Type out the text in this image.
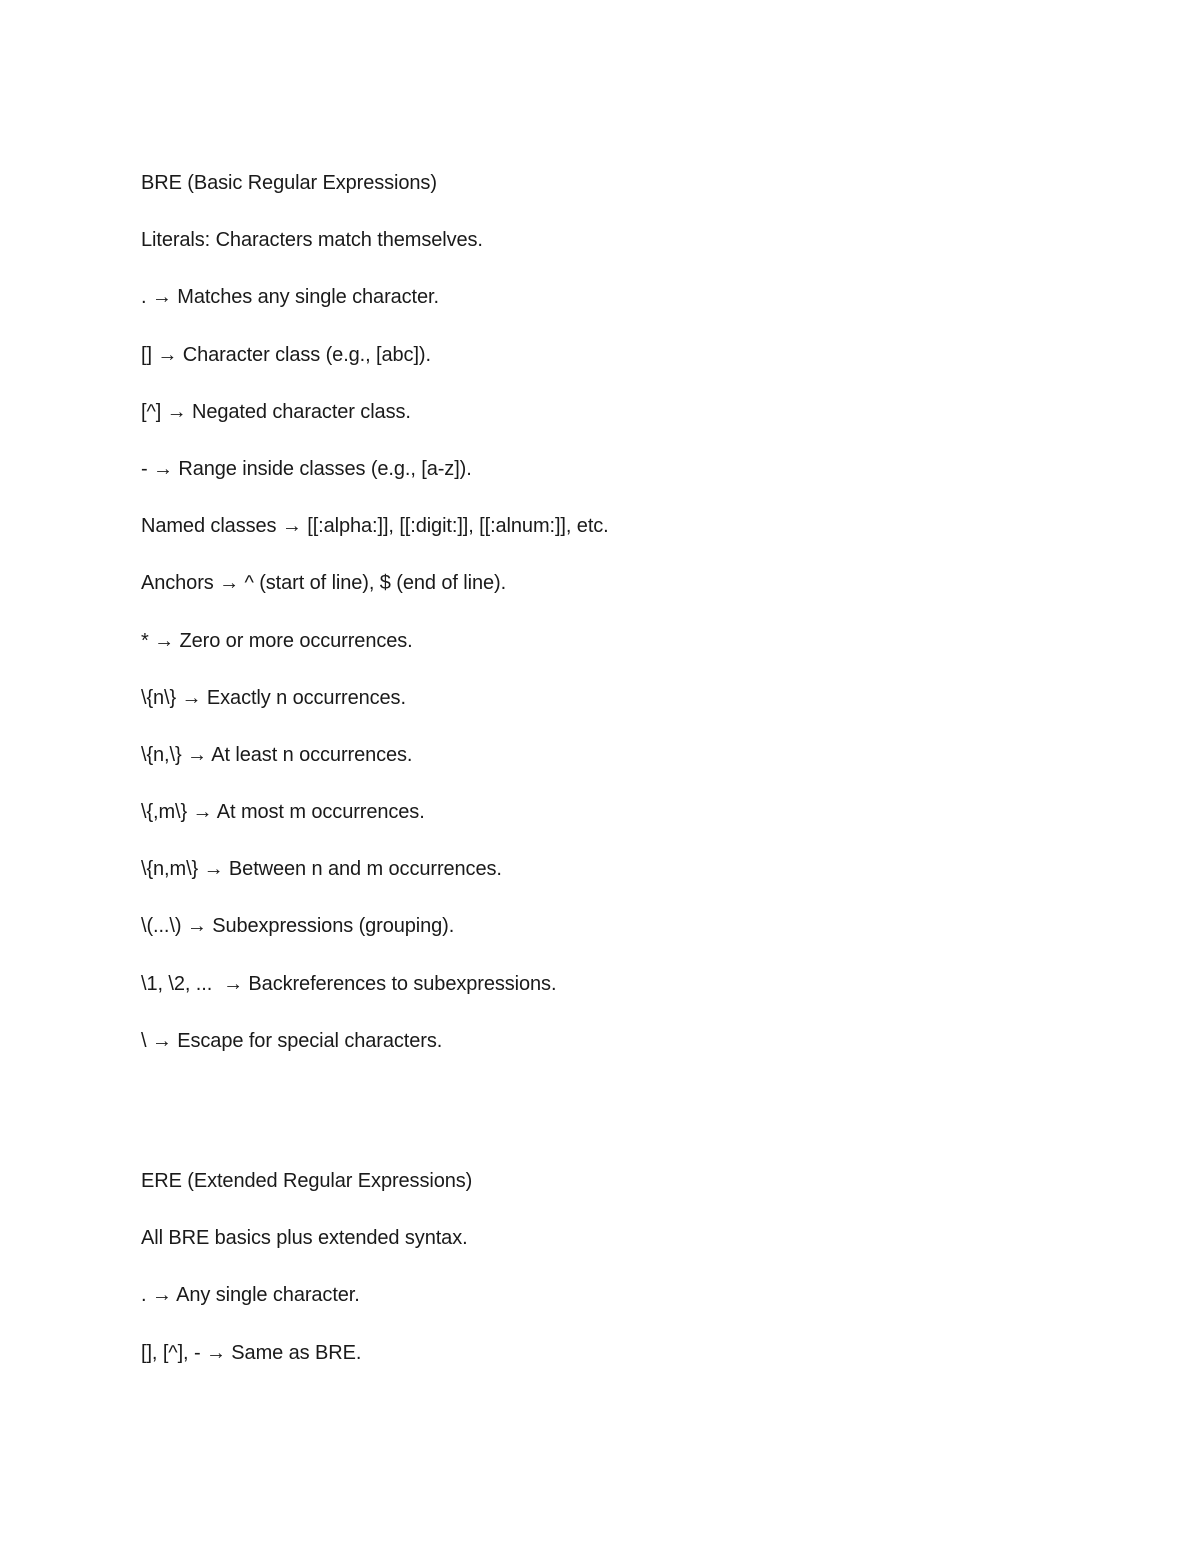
BRE (Basic Regular Expressions)
Literals: Characters match themselves.
. → Matches any single character.
[] → Character class (e.g., [abc]).
[^] → Negated character class.
- → Range inside classes (e.g., [a-z]).
Named classes → [[:alpha:]], [[:digit:]], [[:alnum:]], etc.
Anchors → ^ (start of line), $ (end of line).
* → Zero or more occurrences.
\{n\} → Exactly n occurrences.
\{n,\} → At least n occurrences.
\{,m\} → At most m occurrences.
\{n,m\} → Between n and m occurrences.
\(...\) → Subexpressions (grouping).
\1, \2, ...  → Backreferences to subexpressions.
\ → Escape for special characters.
ERE (Extended Regular Expressions)
All BRE basics plus extended syntax.
. → Any single character.
[], [^], - → Same as BRE.
